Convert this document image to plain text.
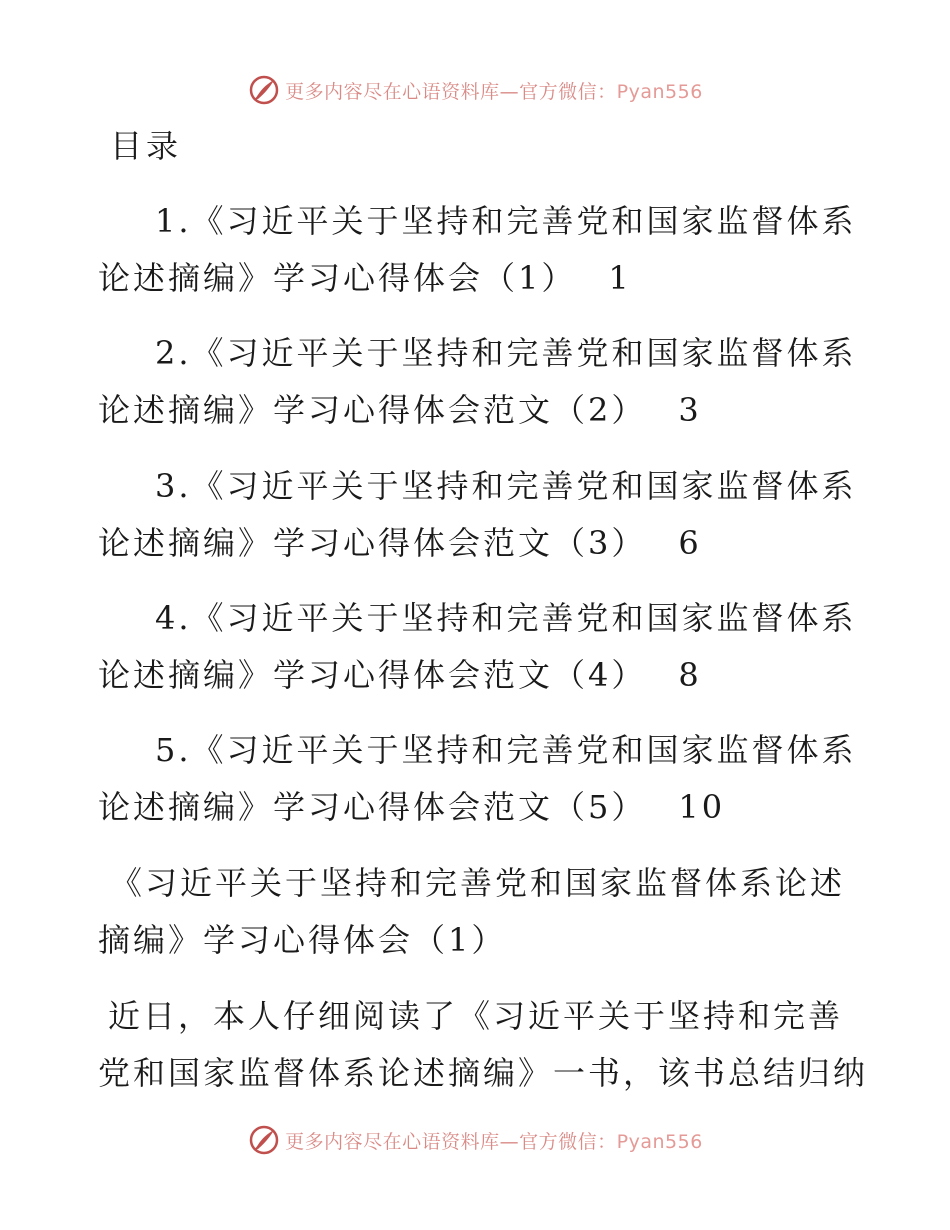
更多内容尽在心语资料库—官方微信：Pyan556
目录
1.《习近平关于坚持和完善党和国家监督体系
论述摘编》学习心得体会（1） 1
2.《习近平关于坚持和完善党和国家监督体系
论述摘编》学习心得体会范文（2） 3
3.《习近平关于坚持和完善党和国家监督体系
论述摘编》学习心得体会范文（3） 6
4.《习近平关于坚持和完善党和国家监督体系
论述摘编》学习心得体会范文（4） 8
5.《习近平关于坚持和完善党和国家监督体系
论述摘编》学习心得体会范文（5） 10
《习近平关于坚持和完善党和国家监督体系论述
摘编》学习心得体会（1）
近日，本人仔细阅读了《习近平关于坚持和完善
党和国家监督体系论述摘编》一书，该书总结归纳
更多内容尽在心语资料库—官方微信：Pyan556
